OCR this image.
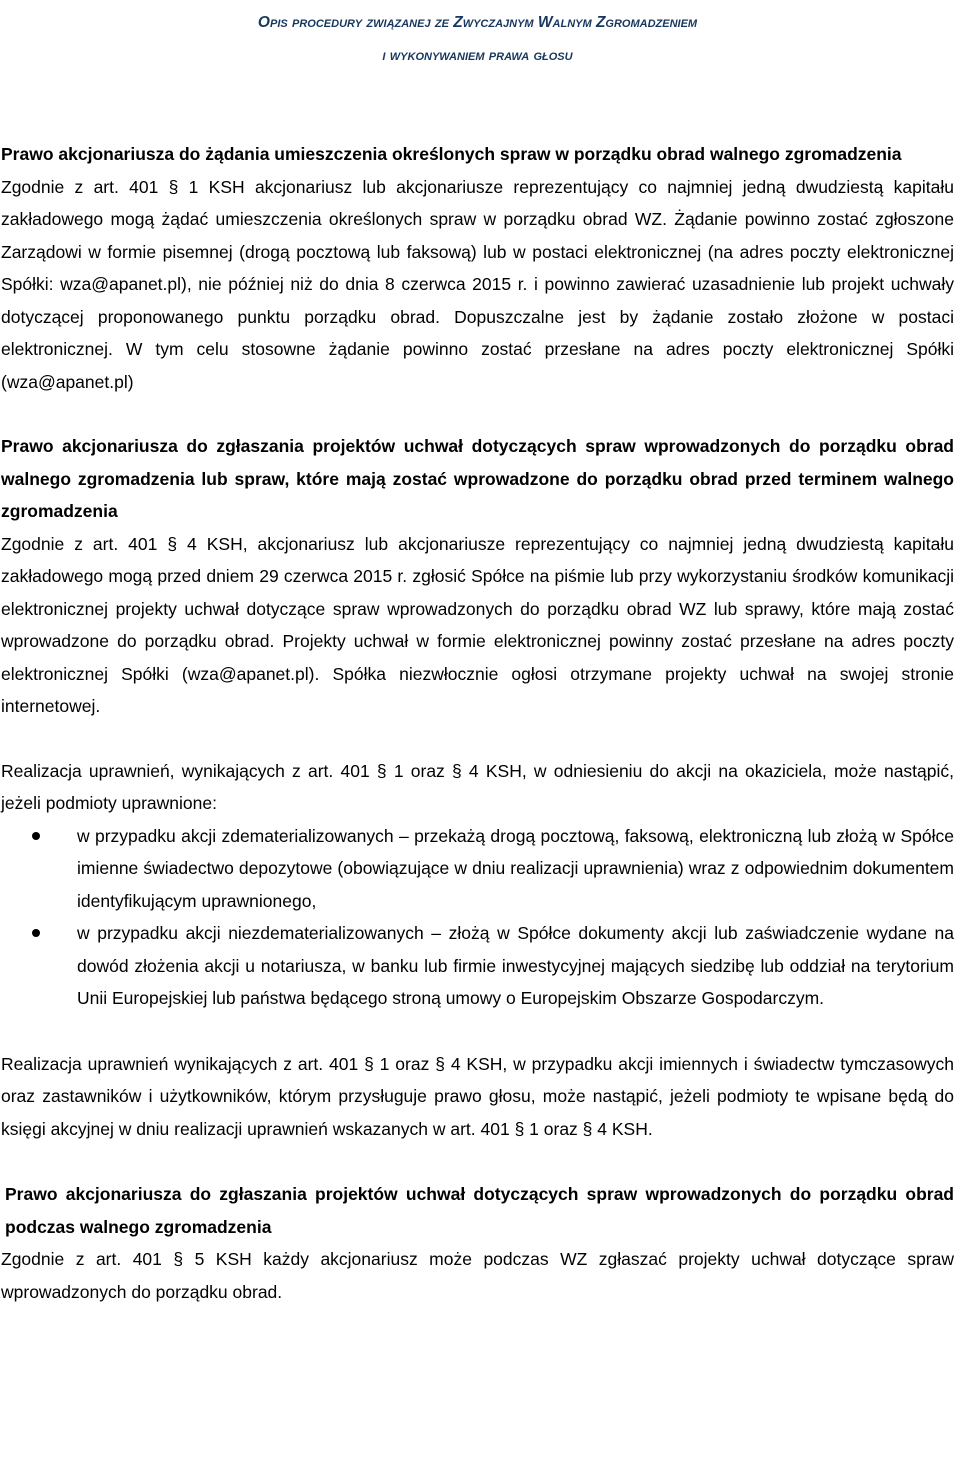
Opis procedury związanej ze Zwyczajnym Walnym Zgromadzeniem
i wykonywaniem prawa głosu
Prawo akcjonariusza do żądania umieszczenia określonych spraw w porządku obrad walnego zgromadzenia

Zgodnie z art. 401 § 1 KSH akcjonariusz lub akcjonariusze reprezentujący co najmniej jedną dwudziestą kapitału zakładowego mogą żądać umieszczenia określonych spraw w porządku obrad WZ. Żądanie powinno zostać zgłoszone Zarządowi w formie pisemnej (drogą pocztową lub faksową) lub w postaci elektronicznej (na adres poczty elektronicznej Spółki: wza@apanet.pl), nie później niż do dnia 8 czerwca 2015 r. i powinno zawierać uzasadnienie lub projekt uchwały dotyczącej proponowanego punktu porządku obrad. Dopuszczalne jest by żądanie zostało złożone w postaci elektronicznej. W tym celu stosowne żądanie powinno zostać przesłane na adres poczty elektronicznej Spółki (wza@apanet.pl)

Prawo akcjonariusza do zgłaszania projektów uchwał dotyczących spraw wprowadzonych do porządku obrad walnego zgromadzenia lub spraw, które mają zostać wprowadzone do porządku obrad przed terminem walnego zgromadzenia

Zgodnie z art. 401 § 4 KSH, akcjonariusz lub akcjonariusze reprezentujący co najmniej jedną dwudziestą kapitału zakładowego mogą przed dniem 29 czerwca 2015 r. zgłosić Spółce na piśmie lub przy wykorzystaniu środków komunikacji elektronicznej projekty uchwał dotyczące spraw wprowadzonych do porządku obrad WZ lub sprawy, które mają zostać wprowadzone do porządku obrad. Projekty uchwał w formie elektronicznej powinny zostać przesłane na adres poczty elektronicznej Spółki (wza@apanet.pl). Spółka niezwłocznie ogłosi otrzymane projekty uchwał na swojej stronie internetowej.

Realizacja uprawnień, wynikających z art. 401 § 1 oraz § 4 KSH, w odniesieniu do akcji na okaziciela, może nastąpić, jeżeli podmioty uprawnione:

w przypadku akcji zdematerializowanych – przekażą drogą pocztową, faksową, elektroniczną lub złożą w Spółce imienne świadectwo depozytowe (obowiązujące w dniu realizacji uprawnienia) wraz z odpowiednim dokumentem identyfikującym uprawnionego,
w przypadku akcji niezdematerializowanych – złożą w Spółce dokumenty akcji lub zaświadczenie wydane na dowód złożenia akcji u notariusza, w banku lub firmie inwestycyjnej mających siedzibę lub oddział na terytorium Unii Europejskiej lub państwa będącego stroną umowy o Europejskim Obszarze Gospodarczym.

Realizacja uprawnień wynikających z art. 401 § 1 oraz § 4 KSH, w przypadku akcji imiennych i świadectw tymczasowych oraz zastawników i użytkowników, którym przysługuje prawo głosu, może nastąpić, jeżeli podmioty te wpisane będą do księgi akcyjnej w dniu realizacji uprawnień wskazanych w art. 401 § 1 oraz § 4 KSH.

Prawo akcjonariusza do zgłaszania projektów uchwał dotyczących spraw wprowadzonych do porządku obrad podczas walnego zgromadzenia

Zgodnie z art. 401 § 5 KSH każdy akcjonariusz może podczas WZ zgłaszać projekty uchwał dotyczące spraw wprowadzonych do porządku obrad.
